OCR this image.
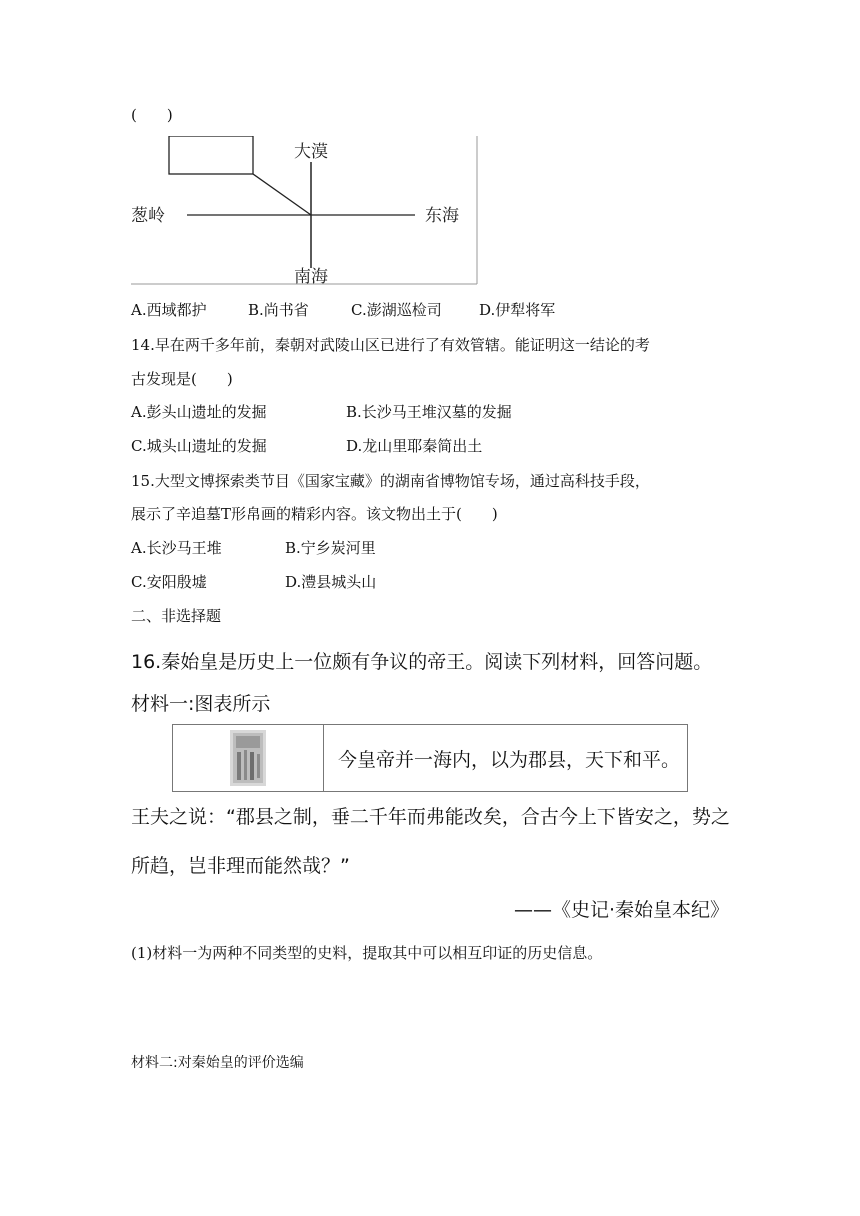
(　　)
大漠
葱岭	东海
南海
A.西域都护	B.尚书省	C.澎湖巡检司 D.伊犁将军
14.早在两千多年前，秦朝对武陵山区已进行了有效管辖。能证明这一结论的考
古发现是(　　)
A.彭头山遗址的发掘	B.长沙马王堆汉墓的发掘
C.城头山遗址的发掘	D.龙山里耶秦简出土
15.大型文博探索类节目《国家宝藏》的湖南省博物馆专场，通过高科技手段，
展示了辛追墓T形帛画的精彩内容。该文物出土于(　　)
A.长沙马王堆	B.宁乡炭河里
C.安阳殷墟	D.澧县城头山
二、非选择题
16.秦始皇是历史上一位颇有争议的帝王。阅读下列材料，回答问题。
材料一:图表所示
今皇帝并一海内，以为郡县，天下和平。
王夫之说：“郡县之制，垂二千年而弗能改矣，合古今上下皆安之，势之
所趋，岂非理而能然哉？”
——《史记·秦始皇本纪》
(1)材料一为两种不同类型的史料，提取其中可以相互印证的历史信息。
材料二:对秦始皇的评价选编
